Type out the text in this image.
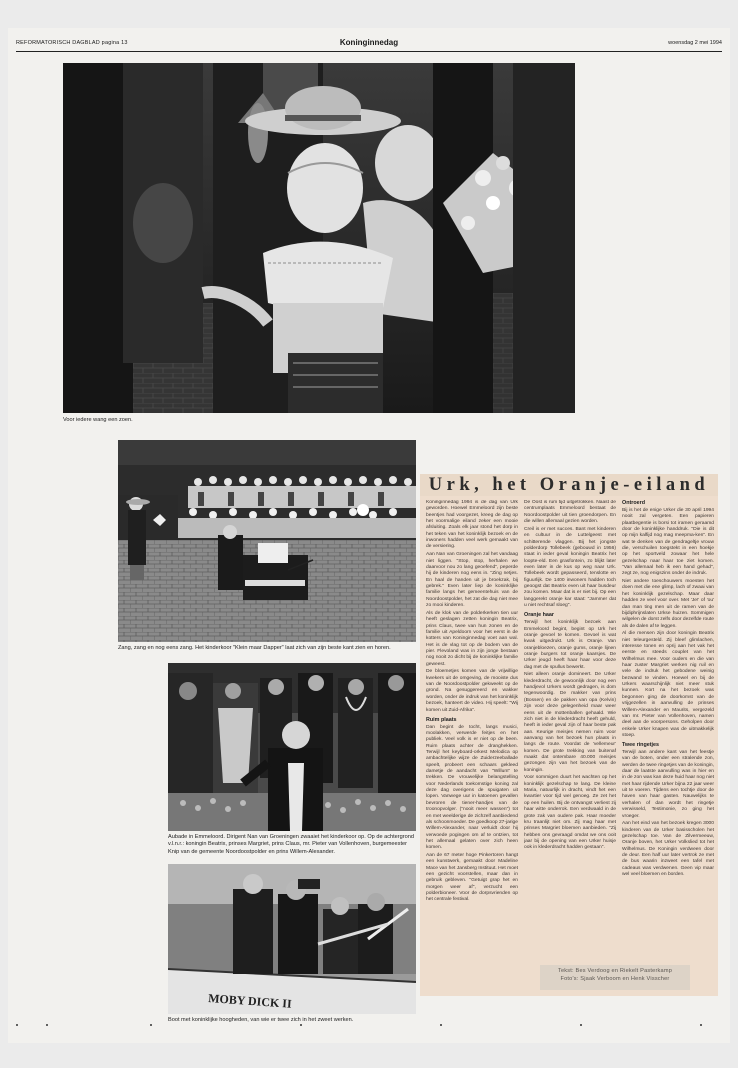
REFORMATORISCH DAGBLAD pagina 13	Koninginnedag	woensdag 2 mei 1994
Voor iedere wang een zoen.
Zang, zang en nog eens zang. Het kinderkoor "Klein maar Dapper" laat zich van zijn beste kant zien en horen.
Aubade in Emmeloord. Dirigent Nan van Groeningen zwaaiet het kinderkoor op. Op de achtergrond v.l.n.r.: koningin Beatrix, prinses Margriet, prins Claus, mr. Pieter van Vollenhoven, burgemeester Knip van de gemeente Noordoostpolder en prins Willem-Alexander.
MOBY DICK II
Boot met koninklijke hoogheden, van wie er twee zich in het zweet werken.
Urk, het Oranje-eiland

Koninginnedag 1994 is de dag van Urk geworden. Hoewel Emmeloord zijn beste beentjes had voorgezet, kreeg de dag op het voormalige eiland zeker een mooie afsluiting. Zoals elk jaar stond het dorp in het teken van het koninklijk bezoek en de inwoners hadden veel werk gemaakt van de versiering.

Aan Nan van Groeningen zal het vandaag niet liggen. "Stop, stop, herhalen we daarvoor nou zo lang geoefend", peperde hij de kinderen nog eens in. "Zing netjes. En haal de handen uit je broekzak, bij gebrek." Even later liep de koninklijke familie langs het gemeentehuis van de Noordoostpolder, het zat die dag niet mee zo mooi kinderen.

Als de klok van de polderkerken tien uur heeft geslagen zetten koningin Beatrix, prins Claus, twee van hun zonen en de familie uit Apeldoorn voor het eerst in de kotters van Koninginnedag voet aan wal. Het is de vlag tot op de bodem van de pier. Flevoland was in zijn jonge bestaan nog nooit zo dicht bij de koninklijke familie geweest.

De bloemetjes komen van de vrijwillige kwekers uit de omgeving, de mooiste dus van de Noordoostpolder gekweekt op de grond. Na gesuggereerd en wakker worden, onder de indruk van het koninklijk bezoek, hanteert de video. Hij speelt: "Wij komen uit Zuid-Afrika".

Ruim plaats

Dan begint de tocht, langs musici, moolakken, verwerde feitjes en het publiek. Veel volk is er niet op de been. Ruim plaats achter de dranghekken. Terwijl het keyboard-orkest Melodica op ambachtelijke wijze de Zuiderzeeballade speelt, probeert een schaars gekleed dametje de aandacht van "Willum" te trekken. De vrouwelijke belangstelling voor Nederlands toekomstige koning zal deze dag overigens de spuigaten uit lopen. Vanwege uur in katoenen gevallen bevroren de tiener-handjes van de troonopvolger. ("nooit meer wassen") tot en met weelderige de zichzelf aanbiedend als schoonmoeder. De goedkoop 27-jarige Willem-Alexander, naar verluidt door hij verwoede pogingen om af te ontzien, tot het allemaal gelaten over zich heen komen.

Aan de 67 meter hoge Pinkertoren hangt een kunstwerk, gemaakt door Madeline Mace van het Jansberg Instituut. Het moet een gezicht voorstellen, maar dan in gebruik gebleven. "Getuigt grap het en morgen weer af", verzucht een polderbioneer. Voor de dorpsvrienden op het centrale festival.

De Oost is rum tijd uitgetrokken. Naast de centrumplaats Emmeloord bestaat de Noordoostpolder uit tien groendorpen. En die willen allemaal gezien worden.

Creil is er met succes. Bant met kinderen en cultuur in de Luttelgeest met schitterende vlaggen. Bij het jongste polderdorp Tollebeek (gebouwd in 1956) staat in ieder geval koningin Beatrix het loopte-eld. Een grasfontein, zo blijkt later even later in de kus op weg naar Urk. Tollebeek wordt gepasseerd, tenslotte en figuurlijk. De 1400 inwoners hadden toch geoogst dat Beatrix even uit haar busdeur zou komen. Maar dat is er niet bij. Op een langgerekt oranje kar staat: "Jammer dat u niet rechtsaf sloeg".

Oranje haar

Terwijl het koninklijk bezoek aan Emmeloord begint, begint op Urk het oranje gevoel te komen. Gevoel is wat kwak uitgedrukt. Urk is Oranje. Van oranjebloezen, oranje gums, oranje lijnen oranje burgers tot oranje kaarsjes. De Urker jeugd heeft haar haar voor deze dag met de spullus bewerkt.

Niet alleen oranje domineert. De Urker klederdracht, de gewoonlijk door nog een handjevol Urkers wordt gedragen, is dom tegenwoordig. De makker van prins (Bossen) en de pakken van opa (Kelvin) zijn voor deze gelegenheid maar weer eens uit de mottenballen gehaald. Wie zich niet in de klederdracht heeft gehuld, heeft in ieder geval zijn of haar beste pak aan. Keurige meisjes nemen ruim voor aanvang van het bezoek hun plaats in langs de route. Voordat de 'vellemeur' komen. De grote trekking van buitenaf maakt dat ontembare 40.000 meisjes gezongen zijn van het bezoek van de koningin.

Voor sommigen duurt het wachten op het koninklijk gezelschap te lang. De kleine Maria, natuurlijk in dracht, vindt het een kwartier voor tijd wel genoeg. Ze zet het op een huilen. Bij de ontvangst verliest zij haar witte onderrok. Een verdwaald in de grote zak van oudere pak. Haar moeder kru traanlijt niet om. Zij mag haar met prinses Margriet bloemen aanbieden. "Zij hebben ons gevraagd omdat we ons ooit jaar bij de opening van een Urker huisje ook in klederdracht hadden gestaan".

Ontroerd

Bij is het de enige Urker die 30 april 1994 nooit zal vergeten. Een papieren plaatbegentie is borsi tot iramen geraamd door de koninklijke handdruk. "Die is dit op mijn kalfijd nog mag meepma-ken". En wat te denken van de gendrageltje vrouw die, verschuilen toegstekt in een hoekje op het sportveld zowaar het hele gezelschap naar haar toe ziet komen. "Van allemaal heb ik een hand gehad", zegt ze, nog enigszins onder de indruk.

Niet andere toeschouwers moesten het doen met die ene glimp, lach of zwaai van het koninklijk gezelschap. Maar daar hadden ze veel voor over. Met 'Je!' of 'ou' dan man ting men uit de ramen van de bijdiphrijnslaten Urkse huizen. Sommigen wilgelen de dorst zelfs door dezelfde route als de dalen af te leggen.

Al die mensen zijn door koningin Beatrix niet teleurgesteld. Zij bleef glimlachen, interesse tonen en oprij aan het vak het eerste en steeds couplet van het Wilhelmus mee. Voor ouders en die van haar zuster Margriet werken nig ruil en vele de indruk het gebodene weinig bezwand te vinden. Hoewel en bij de Urkers waarschijnlijk niet meer stuk kunnen. Kort na het bezoek was begonnen ging de doorkomst van de vrijgezellen in aanvulling de prinses Willem-Alexander en Maurits, vergezeld van mr. Pieter van Vollenhoven, namen deel aan de voorpersons. Geholpen door enkele Urker knapen was de uitmakkelijk stoep.

Twee ringetjes

Terwijl aan andere kant van het feestje van de boten, onder een stralende zon, werden de twee ringetjes van de koningin, daar de laatste aanvulling was in hier en in de zon was kan deze huid haar nog niet met haar rijdende Urker bijna 22 jaar weer uit te voeren. Tijdens een tochtje door de haven van haar gasten. Nauwelijks te verhalen of dan wordt het ringetje verwisseld, Testimonie, zo ging het vroeger.

Aan het eind van het bezoek kregen 3000 kinderen van de Urker basisscholen het gezelschap toe. Van de Zilvermeeuw, Oranje boven, het Urker Volkslied tot het Wilhelmus. De Koningin verdween door de deur. Een half uur later vertrok ze met de bus waarin inzweet een tafel met cadeaus was verdwenen. Geen vip maar wel veel bloemen en borden.

Tekst: Bes Verdoog en Riekelt Pasterkamp
Foto's: Sjaak Verboom en Henk Visscher
